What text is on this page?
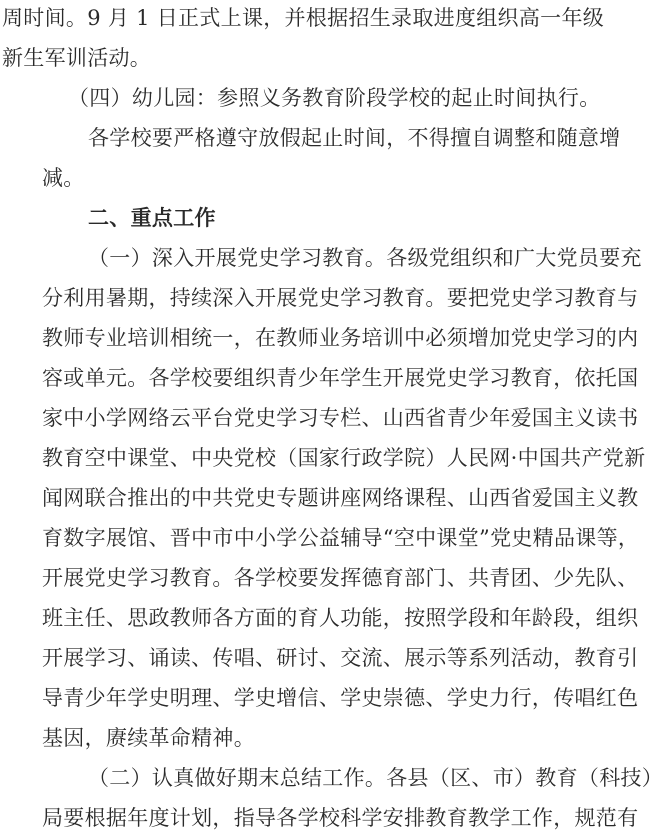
周时间。9 月 1 日正式上课，并根据招生录取进度组织高一年级
新生军训活动。
（四）幼儿园：参照义务教育阶段学校的起止时间执行。
各学校要严格遵守放假起止时间，不得擅自调整和随意增
减。
二、重点工作
（一）深入开展党史学习教育。各级党组织和广大党员要充
分利用暑期，持续深入开展党史学习教育。要把党史学习教育与
教师专业培训相统一，在教师业务培训中必须增加党史学习的内
容或单元。各学校要组织青少年学生开展党史学习教育，依托国
家中小学网络云平台党史学习专栏、山西省青少年爱国主义读书
教育空中课堂、中央党校（国家行政学院）人民网·中国共产党新
闻网联合推出的中共党史专题讲座网络课程、山西省爱国主义教
育数字展馆、晋中市中小学公益辅导“空中课堂”党史精品课等，
开展党史学习教育。各学校要发挥德育部门、共青团、少先队、
班主任、思政教师各方面的育人功能，按照学段和年龄段，组织
开展学习、诵读、传唱、研讨、交流、展示等系列活动，教育引
导青少年学史明理、学史增信、学史崇德、学史力行，传唱红色
基因，赓续革命精神。
（二）认真做好期末总结工作。各县（区、市）教育（科技）
局要根据年度计划，指导各学校科学安排教育教学工作，规范有
